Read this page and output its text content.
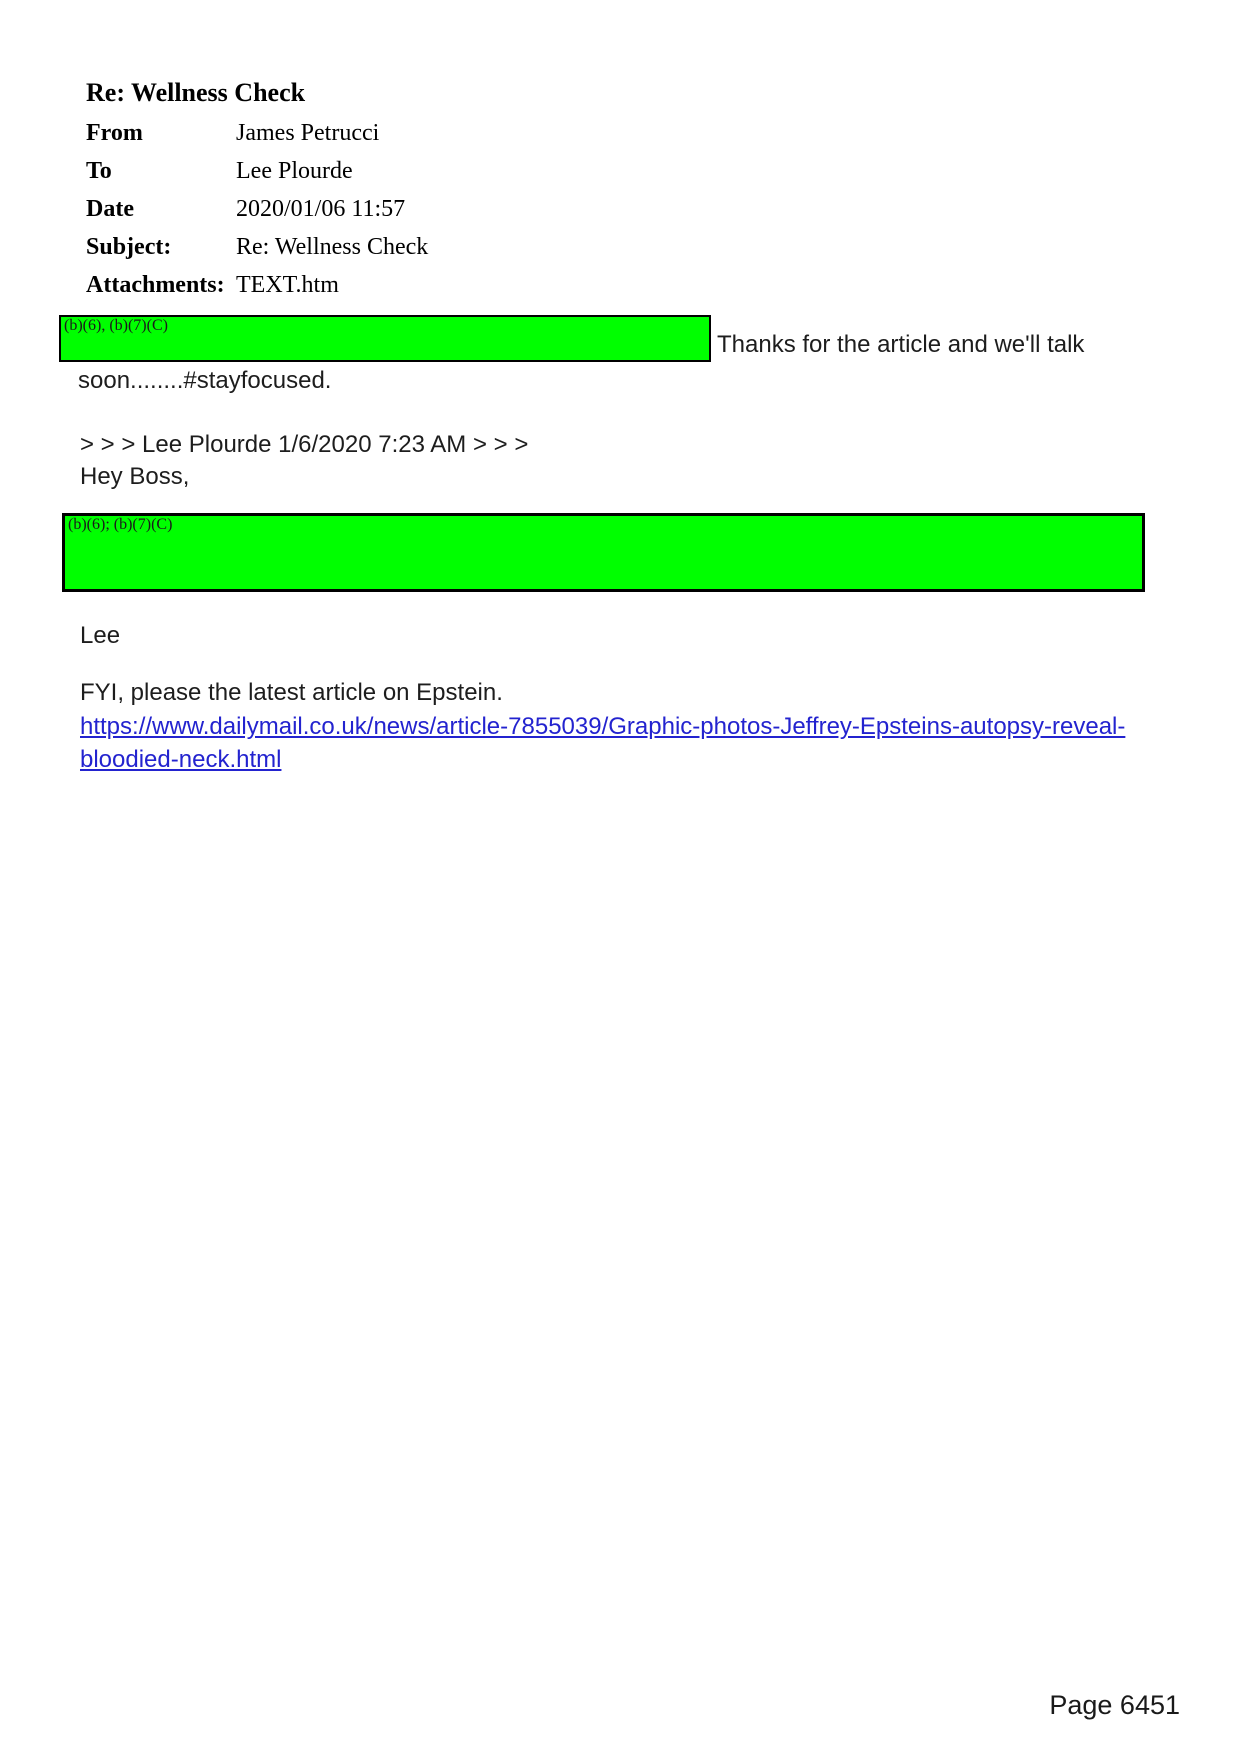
Re: Wellness Check
From	James Petrucci
To	Lee Plourde
Date	2020/01/06 11:57
Subject:	Re: Wellness Check
Attachments: TEXT.htm
(b)(6), (b)(7)(C)
Thanks for the article and we'll talk
soon........#stayfocused.
> > > Lee Plourde 1/6/2020 7:23 AM > > >
Hey Boss,
(b)(6); (b)(7)(C)
Lee
FYI, please the latest article on Epstein.
https://www.dailymail.co.uk/news/article-7855039/Graphic-photos-Jeffrey-Epsteins-autopsy-reveal-
bloodied-neck.html
Page 6451
